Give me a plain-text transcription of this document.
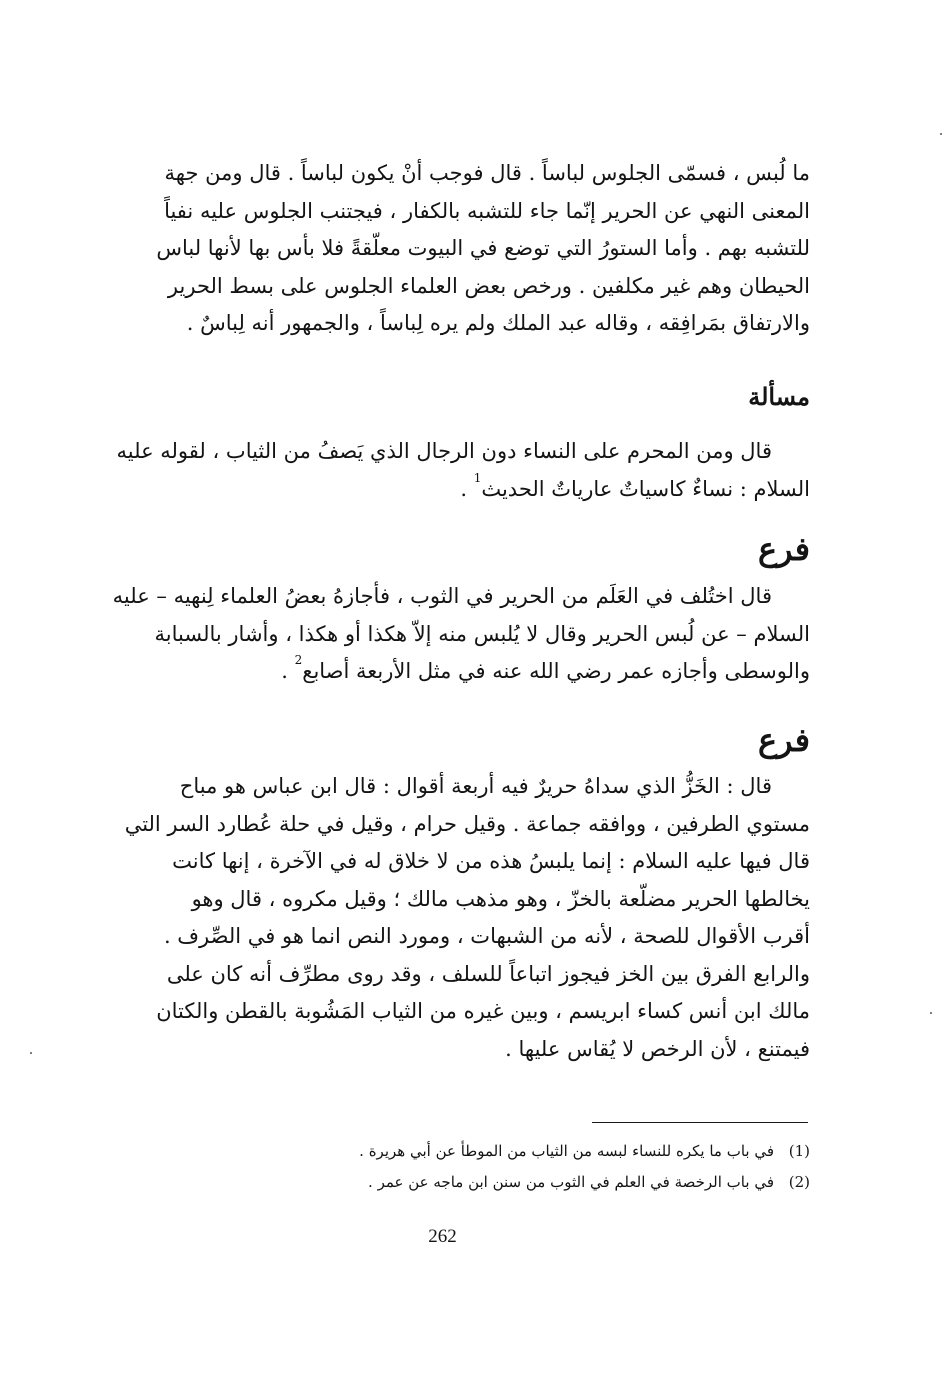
ما لُبس ، فسمّى الجلوس لباساً . قال فوجب أنْ يكون لباساً . قال ومن جهة
المعنى النهي عن الحرير إنّما جاء للتشبه بالكفار ، فيجتنب الجلوس عليه نفياً
للتشبه بهم . وأما الستورُ التي توضع في البيوت معلّقةً فلا بأس بها لأنها لباس
الحيطان وهم غير مكلفين . ورخص بعض العلماء الجلوس على بسط الحرير
والارتفاق بمَرافِقه ، وقاله عبد الملك ولم يره لِباساً ، والجمهور أنه لِباسٌ .
مسألة
قال ومن المحرم على النساء دون الرجال الذي يَصفُ من الثياب ، لقوله عليه
السلام : نساءٌ كاسياتٌ عارياتٌ الحديث$^1$ .
فرع
قال اختُلف في العَلَم من الحرير في الثوب ، فأجازهُ بعضُ العلماء لِنهيه – عليه
السلام – عن لُبس الحرير وقال لا يُلبس منه إلاّ هكذا أو هكذا ، وأشار بالسبابة
والوسطى وأجازه عمر رضي الله عنه في مثل الأربعة أصابع$^2$ .
فرع
قال : الخَزُّ الذي سداهُ حريرٌ فيه أربعة أقوال : قال ابن عباس هو مباح
مستوي الطرفين ، ووافقه جماعة . وقيل حرام ، وقيل في حلة عُطارد السر التي
قال فيها عليه السلام : إنما يلبسُ هذه من لا خلاق له في الآخرة ، إنها كانت
يخالطها الحرير مضلّعة بالخزّ ، وهو مذهب مالك ؛ وقيل مكروه ، قال وهو
أقرب الأقوال للصحة ، لأنه من الشبهات ، ومورد النص انما هو في الصِّرف .
والرابع الفرق بين الخز فيجوز اتباعاً للسلف ، وقد روى مطرِّف أنه كان على
مالك ابن أنس كساء ابريسم ، وبين غيره من الثياب المَشُوبة بالقطن والكتان
فيمتنع ، لأن الرخص لا يُقاس عليها .
(1)في باب ما يكره للنساء لبسه من الثياب من الموطأ عن أبي هريرة .
(2)في باب الرخصة في العلم في الثوب من سنن ابن ماجه عن عمر .
262
